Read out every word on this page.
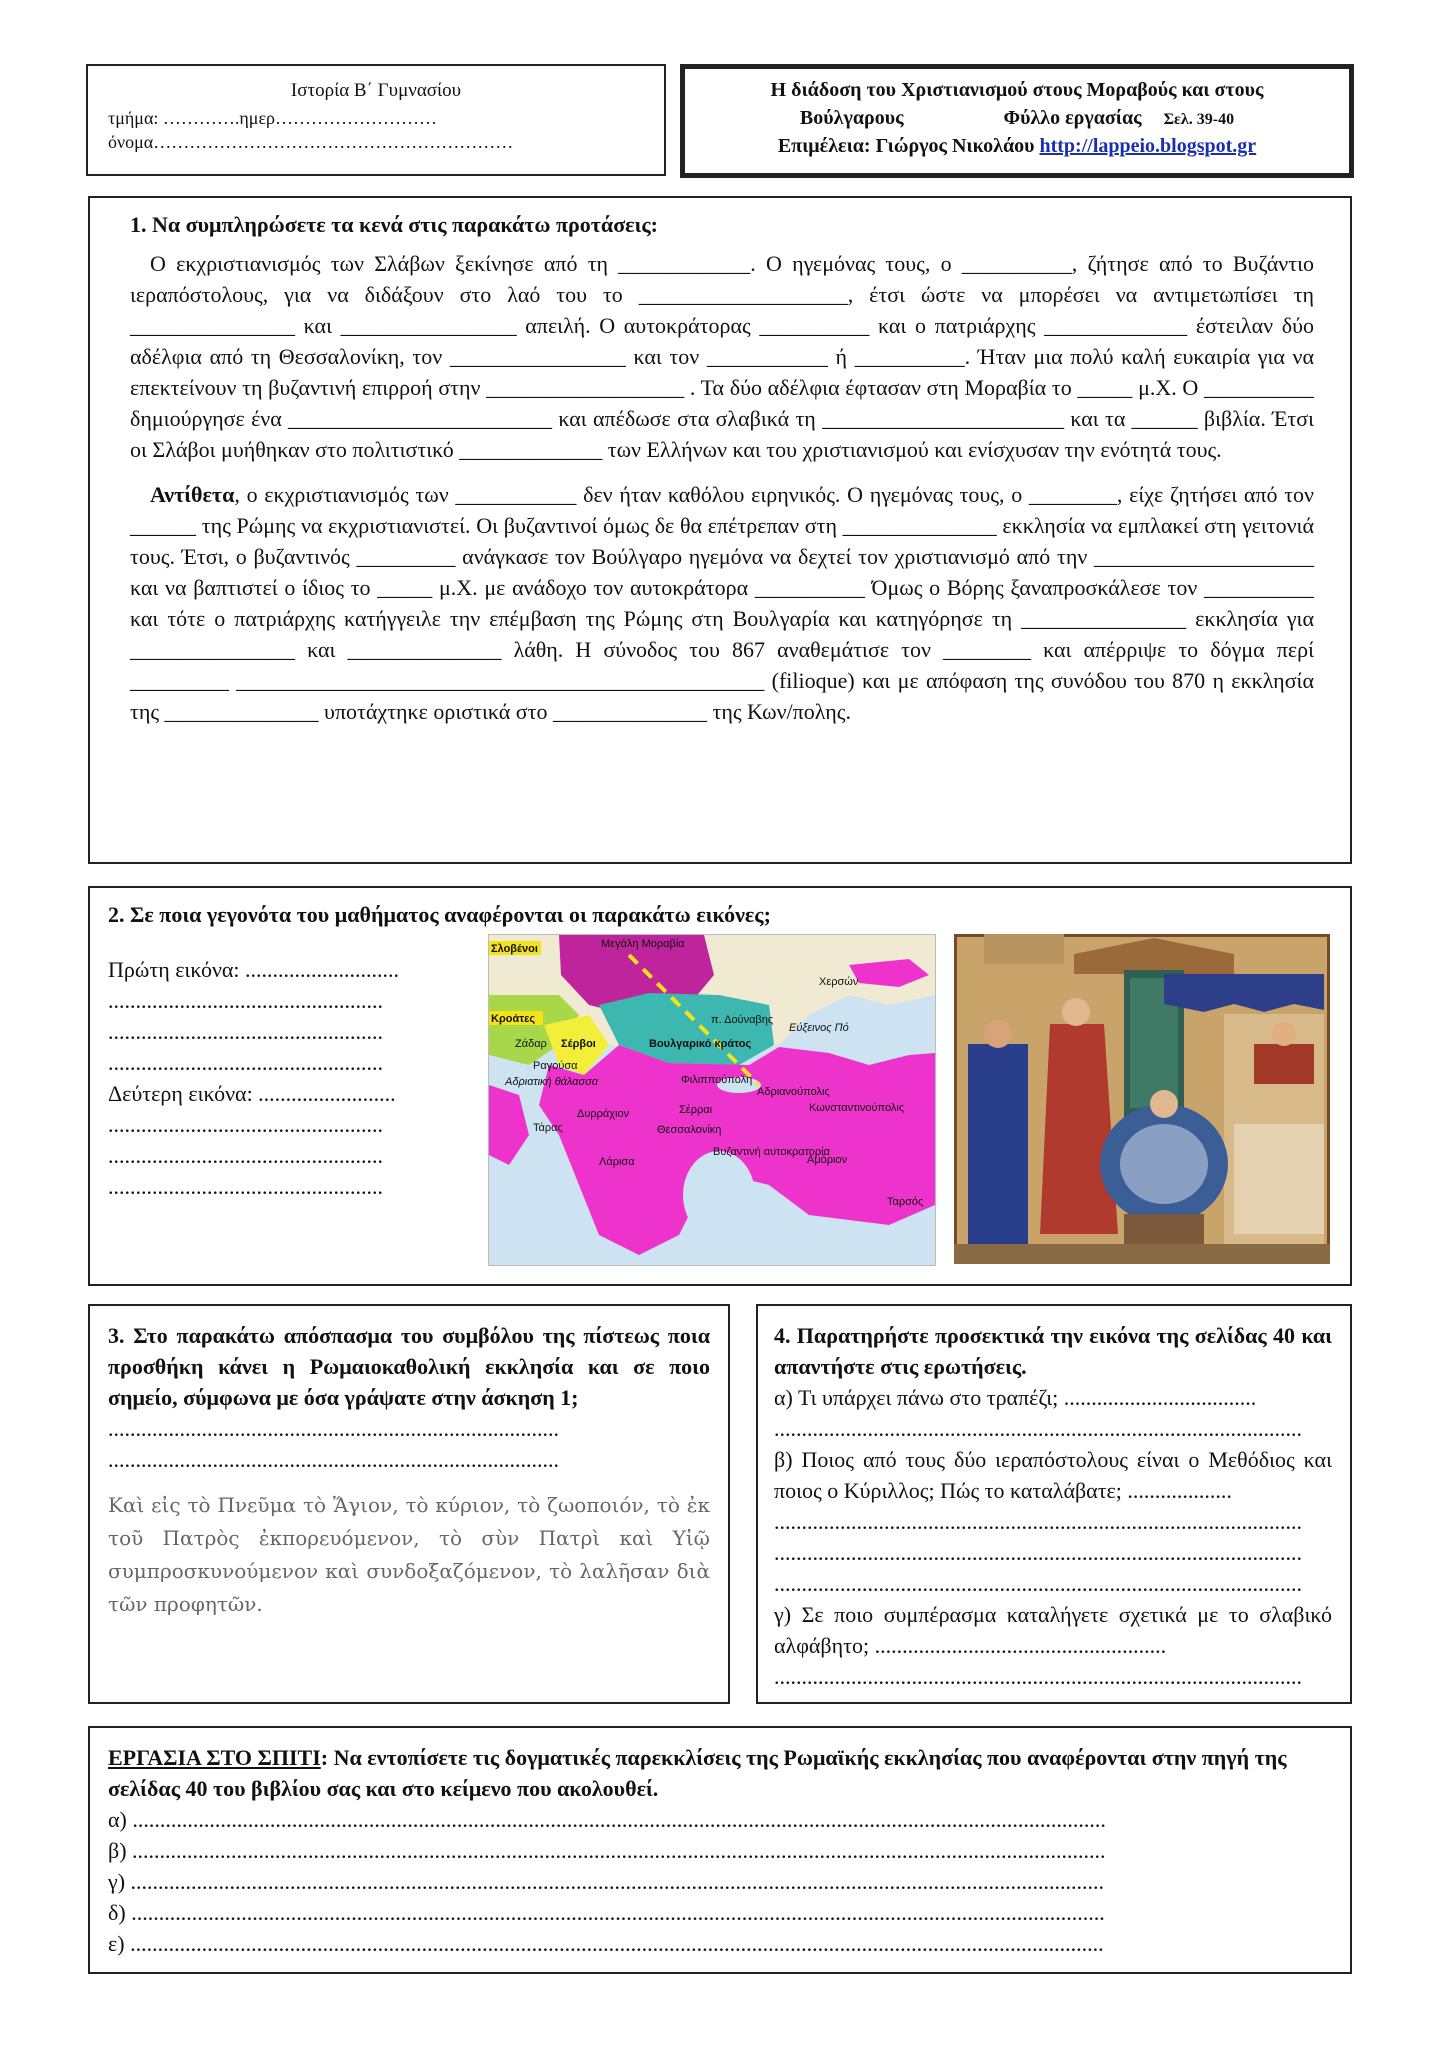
Ιστορία Β΄ Γυμνασίου
τμήμα: ………….ημερ………………………
όνομα……………………………………………………
Η διάδοση του Χριστιανισμού στους Μοραβούς και στους
Βούλγαρους	Φύλλο εργασίας Σελ. 39-40
Επιμέλεια: Γιώργος Νικολάου http://lappeio.blogspot.gr
1. Να συμπληρώσετε τα κενά στις παρακάτω προτάσεις:

Ο εκχριστιανισμός των Σλάβων ξεκίνησε από τη ____________. Ο ηγεμόνας τους, ο __________, ζήτησε από το Βυζάντιο ιεραπόστολους, για να διδάξουν στο λαό του το ___________________, έτσι ώστε να μπορέσει να αντιμετωπίσει τη _______________ και ________________ απειλή. Ο αυτοκράτορας __________ και ο πατριάρχης _____________ έστειλαν δύο αδέλφια από τη Θεσσαλονίκη, τον ________________ και τον ___________ ή __________. Ήταν μια πολύ καλή ευκαιρία για να επεκτείνουν τη βυζαντινή επιρροή στην __________________ . Τα δύο αδέλφια έφτασαν στη Μοραβία το _____ μ.Χ. Ο __________ δημιούργησε ένα ________________________ και απέδωσε στα σλαβικά τη ______________________ και τα ______ βιβλία. Έτσι οι Σλάβοι μυήθηκαν στο πολιτιστικό _____________ των Ελλήνων και του χριστιανισμού και ενίσχυσαν την ενότητά τους.

Αντίθετα, ο εκχριστιανισμός των ___________ δεν ήταν καθόλου ειρηνικός. Ο ηγεμόνας τους, ο ________, είχε ζητήσει από τον ______ της Ρώμης να εκχριστιανιστεί. Οι βυζαντινοί όμως δε θα επέτρεπαν στη ______________ εκκλησία να εμπλακεί στη γειτονιά τους. Έτσι, ο βυζαντινός _________ ανάγκασε τον Βούλγαρο ηγεμόνα να δεχτεί τον χριστιανισμό από την ____________________ και να βαπτιστεί ο ίδιος το _____ μ.Χ. με ανάδοχο τον αυτοκράτορα __________ Όμως ο Βόρης ξαναπροσκάλεσε τον __________ και τότε ο πατριάρχης κατήγγειλε την επέμβαση της Ρώμης στη Βουλγαρία και κατηγόρησε τη _______________ εκκλησία για _______________ και ______________ λάθη. Η σύνοδος του 867 αναθεμάτισε τον ________ και απέρριψε το δόγμα περί _________ ________________________________________________ (filioque) και με απόφαση της συνόδου του 870 η εκκλησία της ______________ υποτάχτηκε οριστικά στο ______________ της Κων/πολης.

2. Σε ποια γεγονότα του μαθήματος αναφέρονται οι παρακάτω εικόνες;
Πρώτη εικόνα: ............................
..................................................
..................................................
..................................................
Δεύτερη εικόνα: .........................
..................................................
..................................................
..................................................
Σλοβένοι	Μεγάλη Μοραβία
Κροάτες
Σέρβοι
π. Δούναβης
Βουλγαρικό κράτος
Εύξεινος Πό
Χερσών
Φιλιππούπολη
Αδριανούπολις
Κωνσταντινούπολις
Σέρραι
Δυρράχιον
Θεσσαλονίκη
Λάρισα
Βυζαντινή αυτοκρατορία
Αμόριον
Ταρσός
Τάρας
Ζάδαρ
Ραγούσα
Αδριατική θάλασσα

3. Στο παρακάτω απόσπασμα του συμβόλου της πίστεως ποια προσθήκη κάνει η Ρωμαιοκαθολική εκκλησία και σε ποιο σημείο, σύμφωνα με όσα γράψατε στην άσκηση 1;

..................................................................................
..................................................................................
Καὶ εἰς τὸ Πνεῦμα τὸ Ἅγιον, τὸ κύριον, τὸ ζωοποιόν, τὸ ἐκ τοῦ Πατρὸς ἐκπορευόμενον, τὸ σὺν Πατρὶ καὶ Υἱῷ συμπροσκυνούμενον καὶ συνδοξαζόμενον, τὸ λαλῆσαν διὰ τῶν προφητῶν.

4. Παρατηρήστε προσεκτικά την εικόνα της σελίδας 40 και απαντήστε στις ερωτήσεις.

α) Τι υπάρχει πάνω στο τραπέζι; ...................................
................................................................................................
β) Ποιος από τους δύο ιεραπόστολους είναι ο Μεθόδιος και ποιος ο Κύριλλος; Πώς το καταλάβατε; ...................
................................................................................................
................................................................................................
................................................................................................
γ) Σε ποιο συμπέρασμα καταλήγετε σχετικά με το σλαβικό αλφάβητο; .....................................................
................................................................................................

ΕΡΓΑΣΙΑ ΣΤΟ ΣΠΙΤΙ: Να εντοπίσετε τις δογματικές παρεκκλίσεις της Ρωμαϊκής εκκλησίας που αναφέρονται στην πηγή της σελίδας 40 του βιβλίου σας και στο κείμενο που ακολουθεί.

α) .................................................................................................................................................................................
β) .................................................................................................................................................................................
γ) .................................................................................................................................................................................
δ) .................................................................................................................................................................................
ε) .................................................................................................................................................................................
